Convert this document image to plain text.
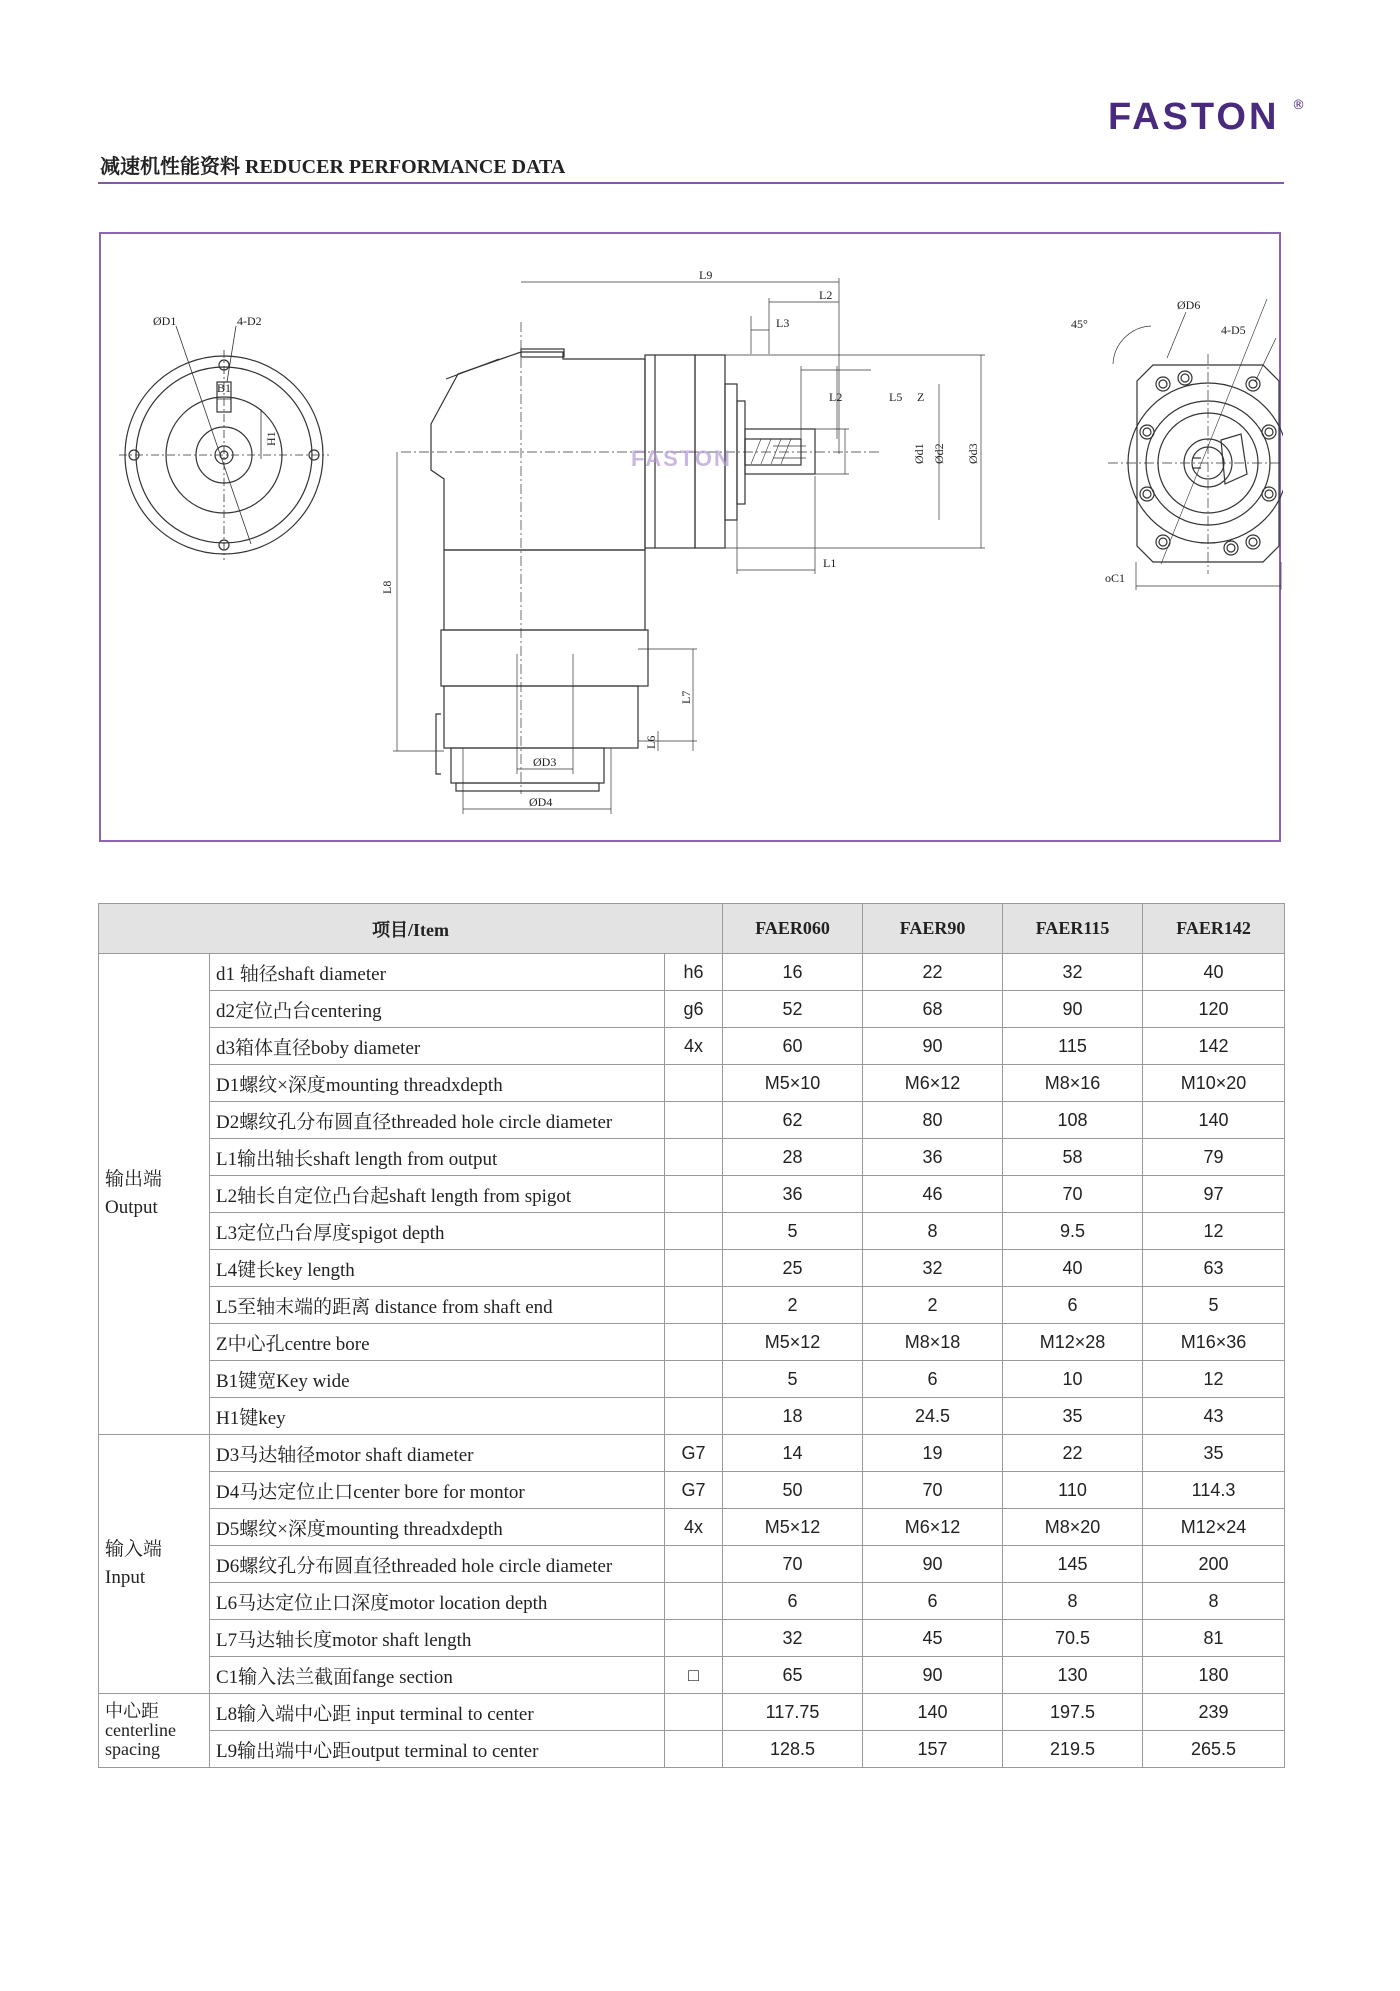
FASTON ®
减速机性能资料 REDUCER PERFORMANCE DATA
FASTON
ØD1	4-D2
B1
H1
L9
L2
L3
L2	L5 Z
Ød1 Ød2 Ød3
L1
L8
L7
L6
ØD3
ØD4
45°
ØD6
4-D5
oC1
项目/Item			FAER060	FAER90	FAER115	FAER142

输出端
Output	d1 轴径shaft diameter	h6	16	22	32	40
	d2定位凸台centering	g6	52	68	90	120
	d3箱体直径boby diameter	4x	60	90	115	142
	D1螺纹×深度mounting threadxdepth		M5×10	M6×12	M8×16	M10×20
	D2螺纹孔分布圆直径threaded hole circle diameter		62	80	108	140
	L1输出轴长shaft length from output		28	36	58	79
	L2轴长自定位凸台起shaft length from spigot		36	46	70	97
	L3定位凸台厚度spigot depth		5	8	9.5	12
	L4键长key length		25	32	40	63
	L5至轴末端的距离 distance from shaft end		2	2	6	5
	Z中心孔centre bore		M5×12	M8×18	M12×28	M16×36
	B1键宽Key wide		5	6	10	12
	H1键key		18	24.5	35	43

输入端
Input	D3马达轴径motor shaft diameter	G7	14	19	22	35
	D4马达定位止口center bore for montor	G7	50	70	110	114.3
	D5螺纹×深度mounting threadxdepth	4x	M5×12	M6×12	M8×20	M12×24
	D6螺纹孔分布圆直径threaded hole circle diameter		70	90	145	200
	L6马达定位止口深度motor location depth		6	6	8	8
	L7马达轴长度motor shaft length		32	45	70.5	81
	C1输入法兰截面fange section	□	65	90	130	180

中心距
centerline spacing	L8输入端中心距 input terminal to center		117.75	140	197.5	239
	L9输出端中心距output terminal to center		128.5	157	219.5	265.5
